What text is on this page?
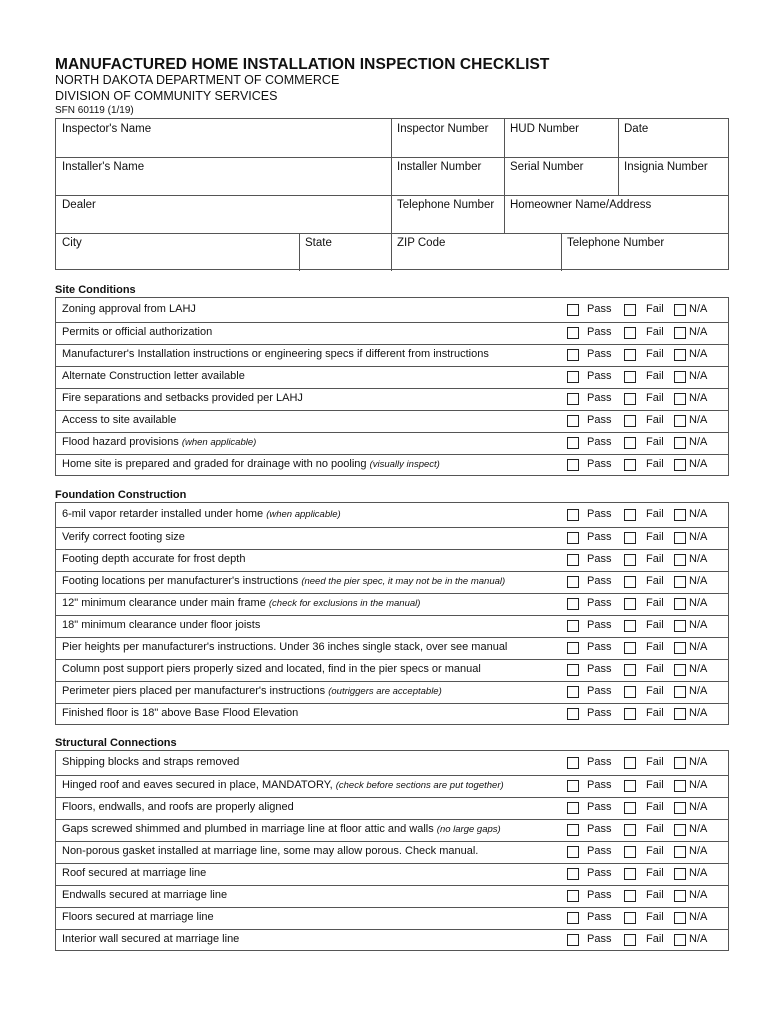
MANUFACTURED HOME INSTALLATION INSPECTION CHECKLIST
NORTH DAKOTA DEPARTMENT OF COMMERCE
DIVISION OF COMMUNITY SERVICES
SFN 60119 (1/19)
Inspector's Name	Inspector Number	HUD Number	Date
Installer's Name	Installer Number	Serial Number	Insignia Number
Dealer	Telephone Number	Homeowner Name/Address
City	State	ZIP Code	Telephone Number
Site Conditions
Zoning approval from LAHJ	Pass	Fail N/A
Permits or official authorization	Pass	Fail N/A
Manufacturer's Installation instructions or engineering specs if different from instructions	Pass	Fail N/A
Alternate Construction letter available	Pass	Fail N/A
Fire separations and setbacks provided per LAHJ	Pass	Fail N/A
Access to site available	Pass	Fail N/A
Flood hazard provisions (when applicable)	Pass	Fail N/A
Home site is prepared and graded for drainage with no pooling (visually inspect)	Pass	Fail N/A
Foundation Construction
6-mil vapor retarder installed under home (when applicable)	Pass	Fail N/A
Verify correct footing size	Pass	Fail N/A
Footing depth accurate for frost depth	Pass	Fail N/A
Footing locations per manufacturer's instructions (need the pier spec, it may not be in the manual)	Pass	Fail N/A
12" minimum clearance under main frame (check for exclusions in the manual)	Pass	Fail N/A
18" minimum clearance under floor joists	Pass	Fail N/A
Pier heights per manufacturer's instructions. Under 36 inches single stack, over see manual	Pass	Fail N/A
Column post support piers properly sized and located, find in the pier specs or manual	Pass	Fail N/A
Perimeter piers placed per manufacturer's instructions (outriggers are acceptable)	Pass	Fail N/A
Finished floor is 18" above Base Flood Elevation	Pass	Fail N/A
Structural Connections
Shipping blocks and straps removed	Pass	Fail N/A
Hinged roof and eaves secured in place, MANDATORY, (check before sections are put together)	Pass	Fail N/A
Floors, endwalls, and roofs are properly aligned	Pass	Fail N/A
Gaps screwed shimmed and plumbed in marriage line at floor attic and walls (no large gaps)	Pass	Fail N/A
Non-porous gasket installed at marriage line, some may allow porous. Check manual.	Pass	Fail N/A
Roof secured at marriage line	Pass	Fail N/A
Endwalls secured at marriage line	Pass	Fail N/A
Floors secured at marriage line	Pass	Fail N/A
Interior wall secured at marriage line	Pass	Fail N/A
